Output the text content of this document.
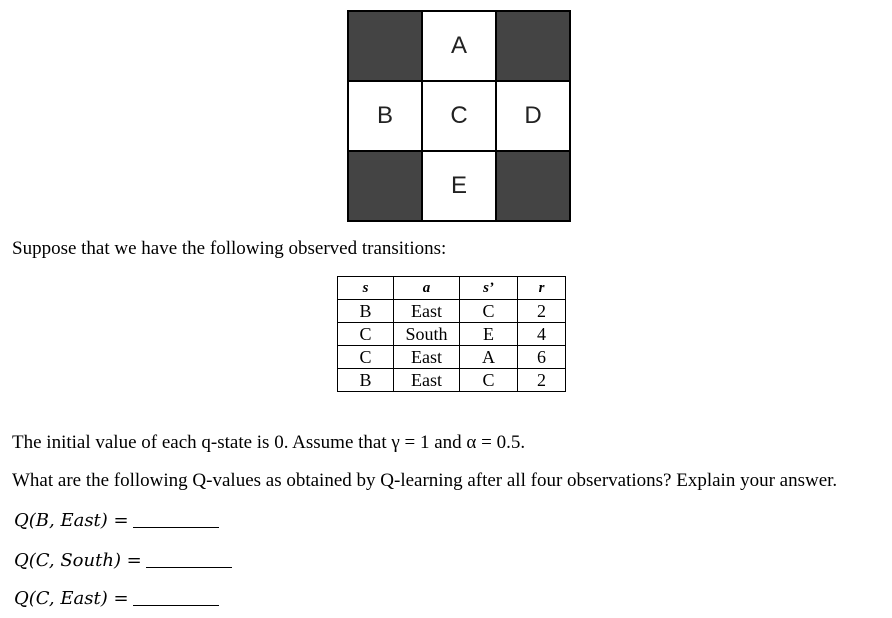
A
B	C	D
E
Suppose that we have the following observed transitions:
s	a	s’	r
B	East	C	2
C	South	E	4
C	East	A	6
B	East	C	2
The initial value of each q-state is 0. Assume that γ = 1 and α = 0.5.
What are the following Q-values as obtained by Q-learning after all four observations? Explain your answer.
Q(B, East) =
Q(C, South) =
Q(C, East) =
